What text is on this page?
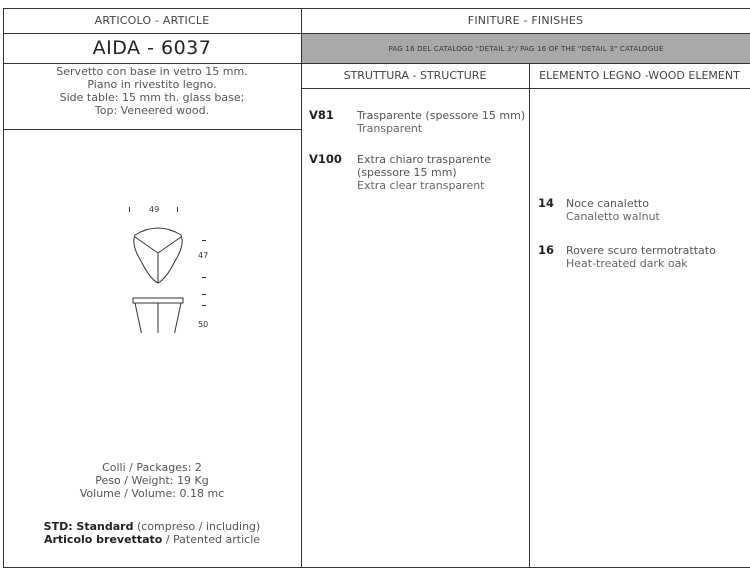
ARTICOLO - ARTICLE	FINITURE - FINISHES
AIDA - 6037	PAG 16 DEL CATALOGO "DETAIL 3"/ PAG 16 OF THE "DETAIL 3" CATALOGUE
Servetto con base in vetro 15 mm.
Piano in rivestito legno.
Side table: 15 mm th. glass base;
Top: Veneered wood.
STRUTTURA - STRUCTURE	ELEMENTO LEGNO -WOOD ELEMENT
49
47
50
V81	Trasparente (spessore 15 mm)
Transparent
V100	Extra chiaro trasparente
(spessore 15 mm)
Extra clear transparent
14	Noce canaletto
Canaletto walnut
16	Rovere scuro termotrattato
Heat-treated dark oak
Colli / Packages: 2
Peso / Weight: 19 Kg
Volume / Volume: 0.18 mc
STD: Standard (compreso / including)
Articolo brevettato / Patented article
